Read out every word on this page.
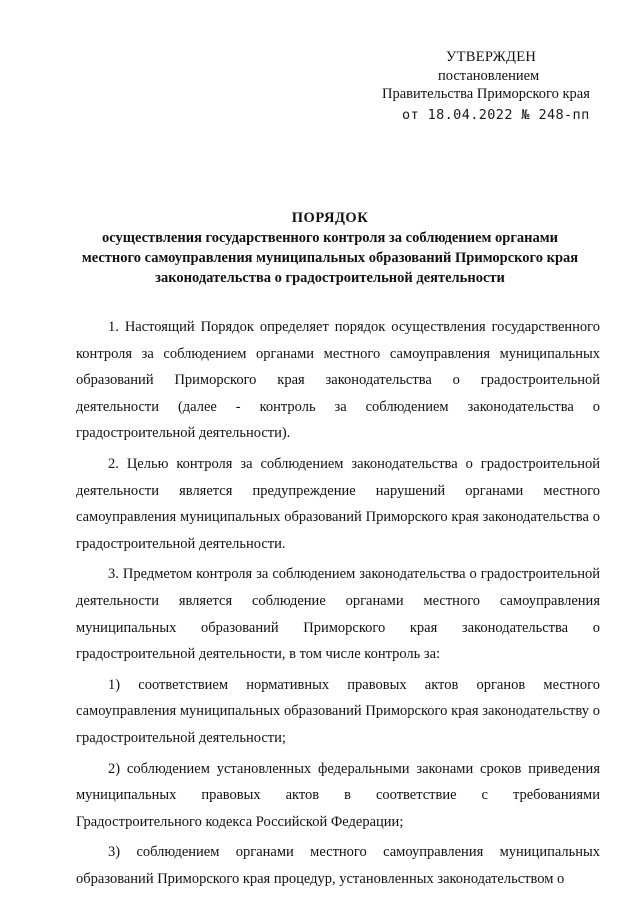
УТВЕРЖДЕН
постановлением
Правительства Приморского края
от 18.04.2022 № 248-пп
ПОРЯДОК
осуществления государственного контроля за соблюдением органами
местного самоуправления муниципальных образований Приморского края
законодательства о градостроительной деятельности

1. Настоящий Порядок определяет порядок осуществления государственного контроля за соблюдением органами местного самоуправления муниципальных образований Приморского края законодательства о градостроительной деятельности (далее - контроль за соблюдением законодательства о градостроительной деятельности).

2. Целью контроля за соблюдением законодательства о градостроительной деятельности является предупреждение нарушений органами местного самоуправления муниципальных образований Приморского края законодательства о градостроительной деятельности.

3. Предметом контроля за соблюдением законодательства о градостроительной деятельности является соблюдение органами местного самоуправления муниципальных образований Приморского края законодательства о градостроительной деятельности, в том числе контроль за:

1) соответствием нормативных правовых актов органов местного самоуправления муниципальных образований Приморского края законодательству о градостроительной деятельности;

2) соблюдением установленных федеральными законами сроков приведения муниципальных правовых актов в соответствие с требованиями Градостроительного кодекса Российской Федерации;

3) соблюдением органами местного самоуправления муниципальных образований Приморского края процедур, установленных законодательством о
